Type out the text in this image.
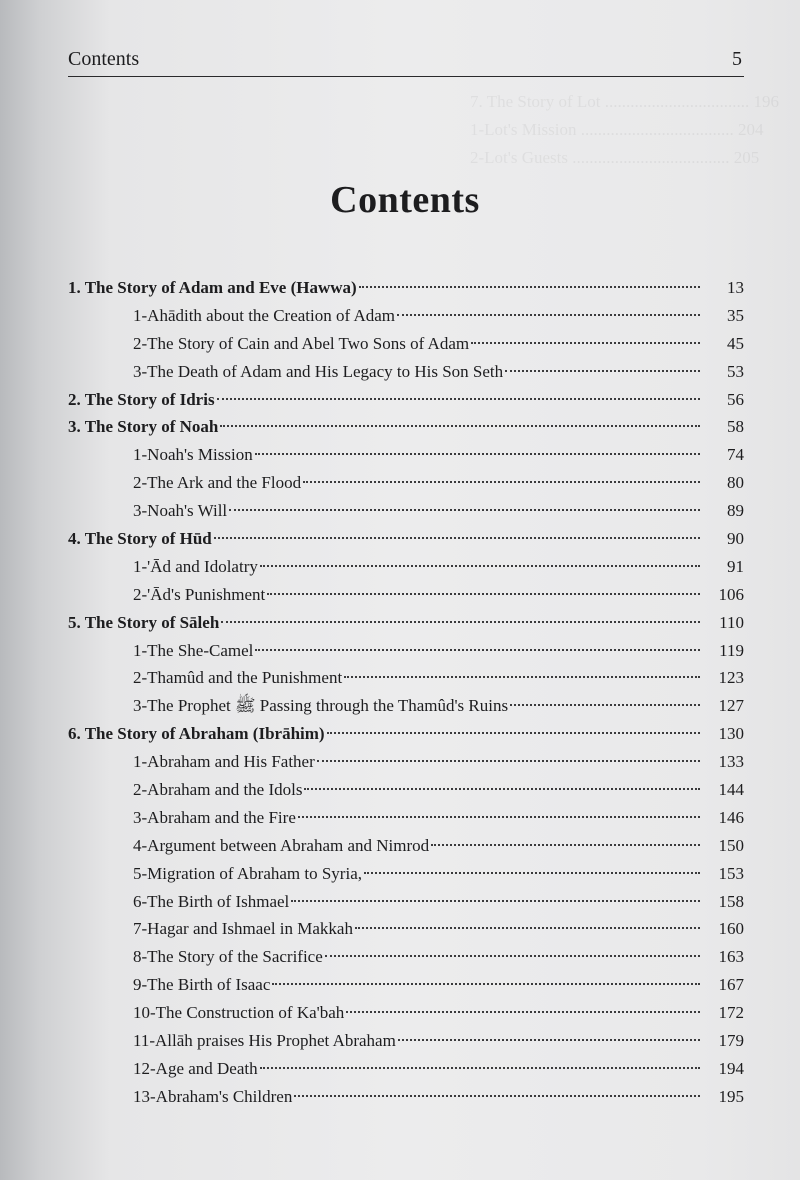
7. The Story of Lot .................................. 196
1-Lot's Mission .................................... 204
2-Lot's Guests ..................................... 205
Contents	5
Contents
1. The Story of Adam and Eve (Hawwa)	13
1-Ahādith about the Creation of Adam	35
2-The Story of Cain and Abel Two Sons of Adam	45
3-The Death of Adam and His Legacy to His Son Seth	53
2. The Story of Idris	56
3. The Story of Noah	58
1-Noah's Mission	74
2-The Ark and the Flood	80
3-Noah's Will	89
4. The Story of Hūd	90
1-'Ād and Idolatry	91
2-'Ād's Punishment	106
5. The Story of Sāleh	110
1-The She-Camel	119
2-Thamûd and the Punishment	123
3-The Prophet ﷺ Passing through the Thamûd's Ruins	127
6. The Story of Abraham (Ibrāhim)	130
1-Abraham and His Father	133
2-Abraham and the Idols	144
3-Abraham and the Fire	146
4-Argument between Abraham and Nimrod	150
5-Migration of Abraham to Syria,	153
6-The Birth of Ishmael	158
7-Hagar and Ishmael in Makkah	160
8-The Story of the Sacrifice	163
9-The Birth of Isaac	167
10-The Construction of Ka'bah	172
11-Allāh praises His Prophet Abraham	179
12-Age and Death	194
13-Abraham's Children	195
